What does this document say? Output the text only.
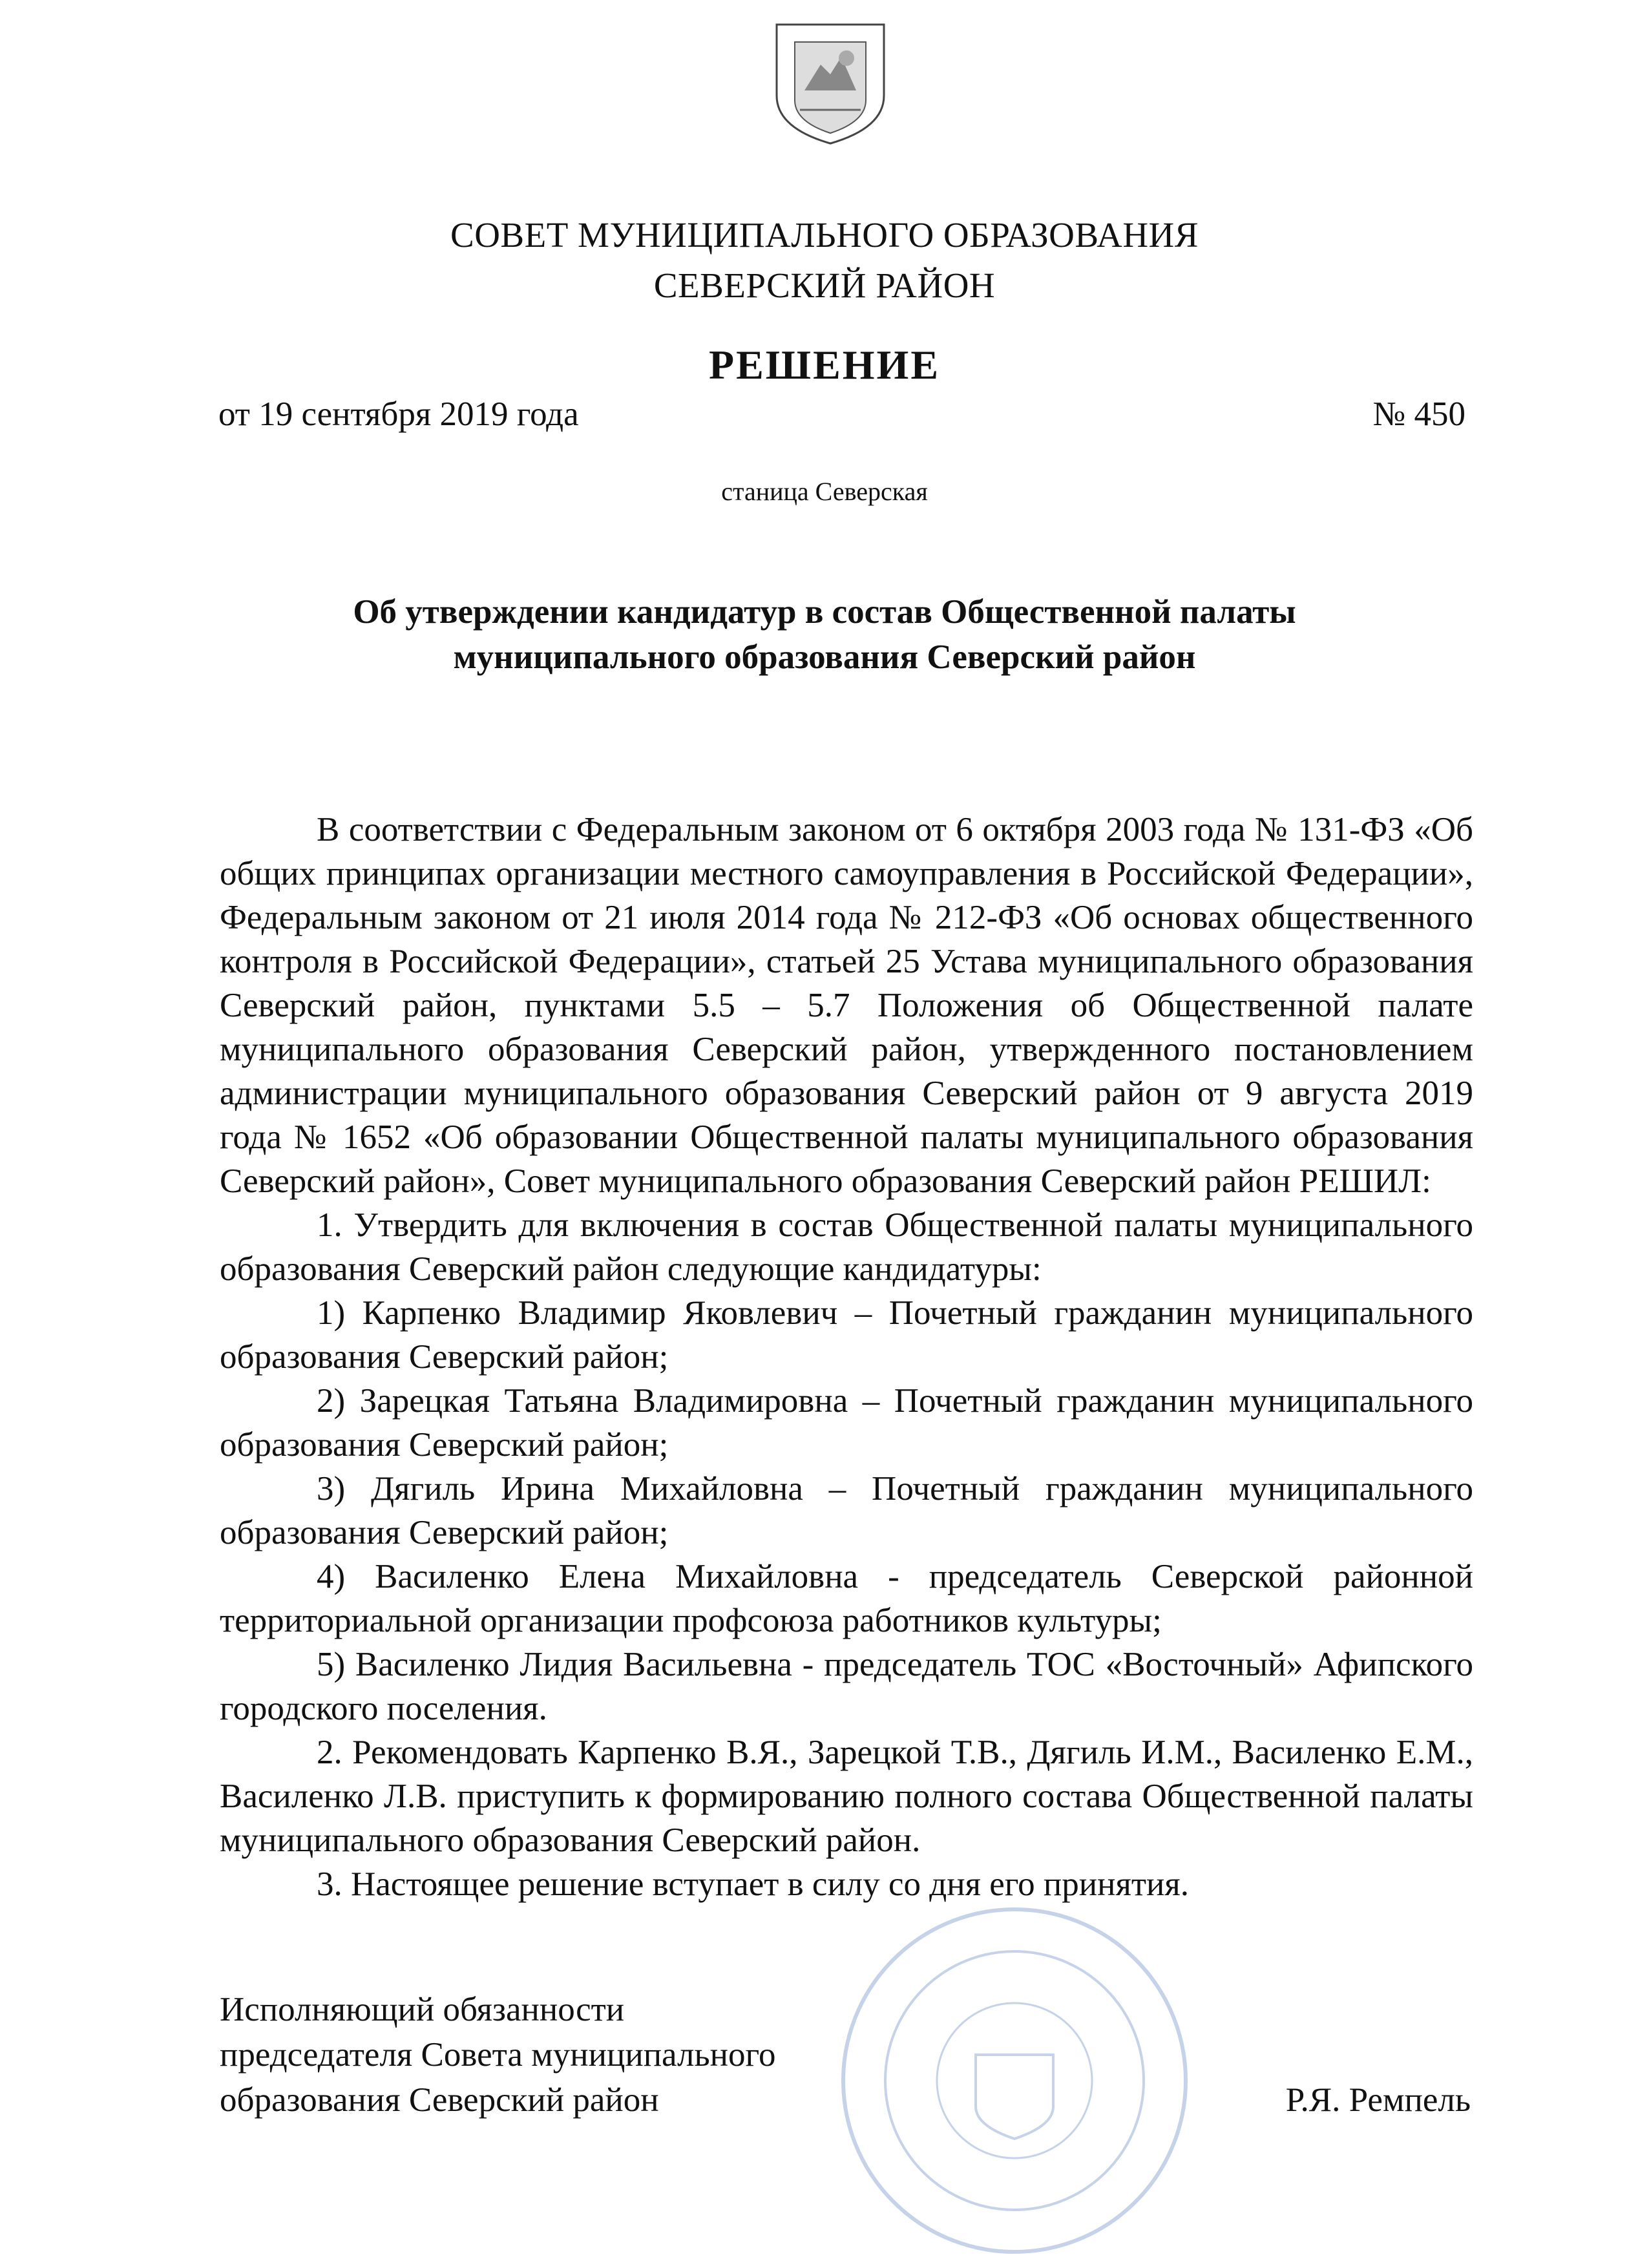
СОВЕТ МУНИЦИПАЛЬНОГО ОБРАЗОВАНИЯ
СЕВЕРСКИЙ РАЙОН
РЕШЕНИЕ
от 19 сентября 2019 года	№ 450
станица Северская
Об утверждении кандидатур в состав Общественной палаты
муниципального образования Северский район

В соответствии с Федеральным законом от 6 октября 2003 года № 131-ФЗ «Об общих принципах организации местного самоуправления в Российской Федерации», Федеральным законом от 21 июля 2014 года № 212-ФЗ «Об основах общественного контроля в Российской Федерации», статьей 25 Устава муниципального образования Северский район, пунктами 5.5 – 5.7 Положения об Общественной палате муниципального образования Северский район, утвержденного постановлением администрации муниципального образования Северский район от 9 августа 2019 года № 1652 «Об образовании Общественной палаты муниципального образования Северский район», Совет муниципального образования Северский район РЕШИЛ:

1. Утвердить для включения в состав Общественной палаты муниципального образования Северский район следующие кандидатуры:

1) Карпенко Владимир Яковлевич – Почетный гражданин муниципального образования Северский район;

2) Зарецкая Татьяна Владимировна – Почетный гражданин муниципального образования Северский район;

3) Дягиль Ирина Михайловна – Почетный гражданин муниципального образования Северский район;

4) Василенко Елена Михайловна - председатель Северской районной территориальной организации профсоюза работников культуры;

5) Василенко Лидия Васильевна - председатель ТОС «Восточный» Афипского городского поселения.

2. Рекомендовать Карпенко В.Я., Зарецкой Т.В., Дягиль И.М., Василенко Е.М., Василенко Л.В. приступить к формированию полного состава Общественной палаты муниципального образования Северский район.

3. Настоящее решение вступает в силу со дня его принятия.

Исполняющий обязанности
председателя Совета муниципального
образования Северский район	Р.Я. Ремпель
